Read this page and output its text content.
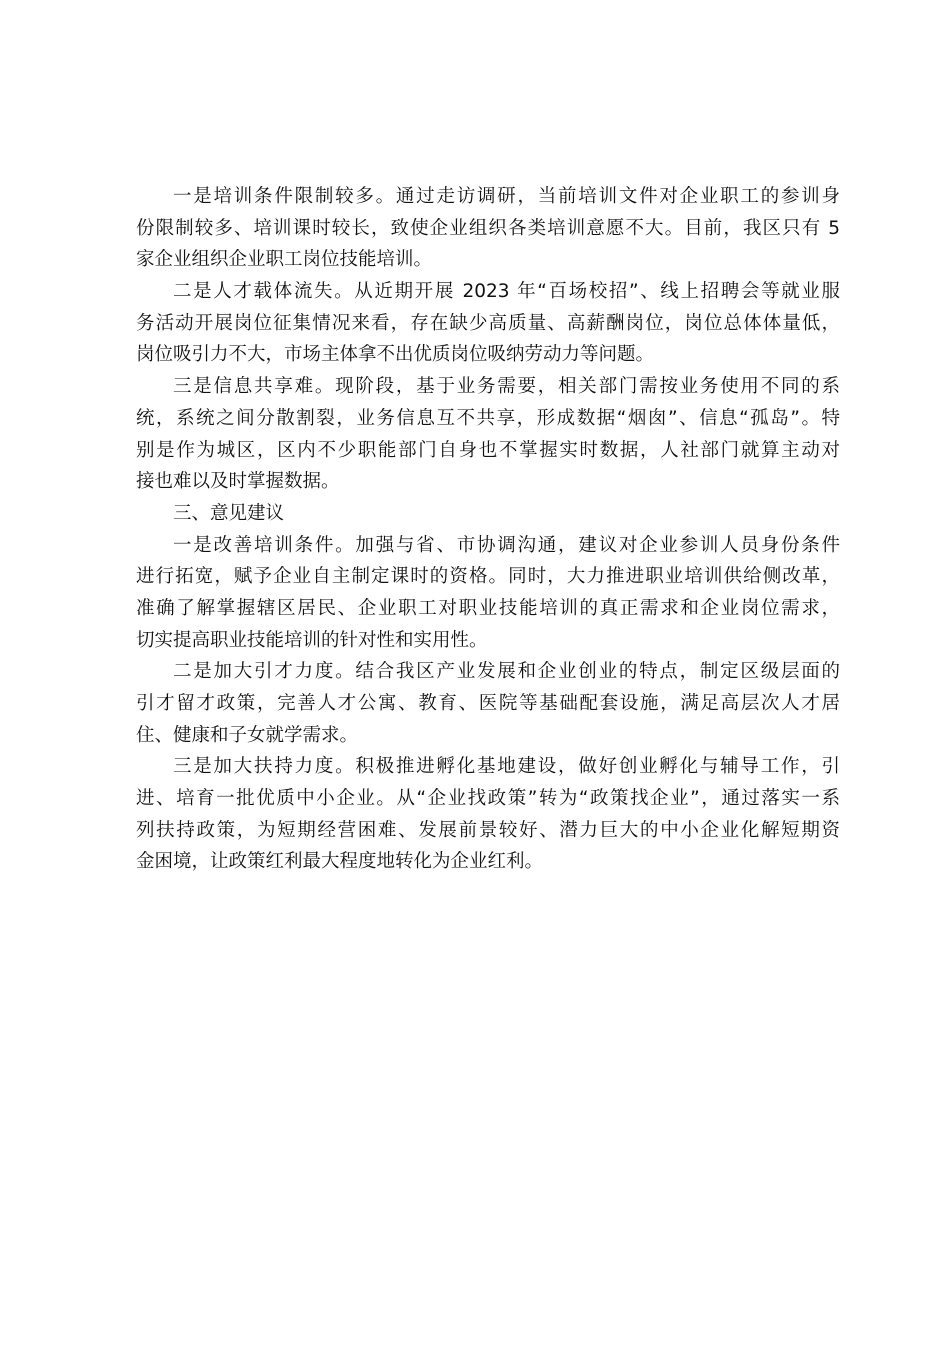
一是培训条件限制较多。通过走访调研，当前培训文件对企业职工的参训身
份限制较多、培训课时较长，致使企业组织各类培训意愿不大。目前，我区只有 5
家企业组织企业职工岗位技能培训。
二是人才载体流失。从近期开展 2023 年“百场校招”、线上招聘会等就业服
务活动开展岗位征集情况来看，存在缺少高质量、高薪酬岗位，岗位总体体量低，
岗位吸引力不大，市场主体拿不出优质岗位吸纳劳动力等问题。
三是信息共享难。现阶段，基于业务需要，相关部门需按业务使用不同的系
统，系统之间分散割裂，业务信息互不共享，形成数据“烟囱”、信息“孤岛”。特
别是作为城区，区内不少职能部门自身也不掌握实时数据，人社部门就算主动对
接也难以及时掌握数据。
三、意见建议
一是改善培训条件。加强与省、市协调沟通，建议对企业参训人员身份条件
进行拓宽，赋予企业自主制定课时的资格。同时，大力推进职业培训供给侧改革，
准确了解掌握辖区居民、企业职工对职业技能培训的真正需求和企业岗位需求，
切实提高职业技能培训的针对性和实用性。
二是加大引才力度。结合我区产业发展和企业创业的特点，制定区级层面的
引才留才政策，完善人才公寓、教育、医院等基础配套设施，满足高层次人才居
住、健康和子女就学需求。
三是加大扶持力度。积极推进孵化基地建设，做好创业孵化与辅导工作，引
进、培育一批优质中小企业。从“企业找政策”转为“政策找企业”，通过落实一系
列扶持政策，为短期经营困难、发展前景较好、潜力巨大的中小企业化解短期资
金困境，让政策红利最大程度地转化为企业红利。
